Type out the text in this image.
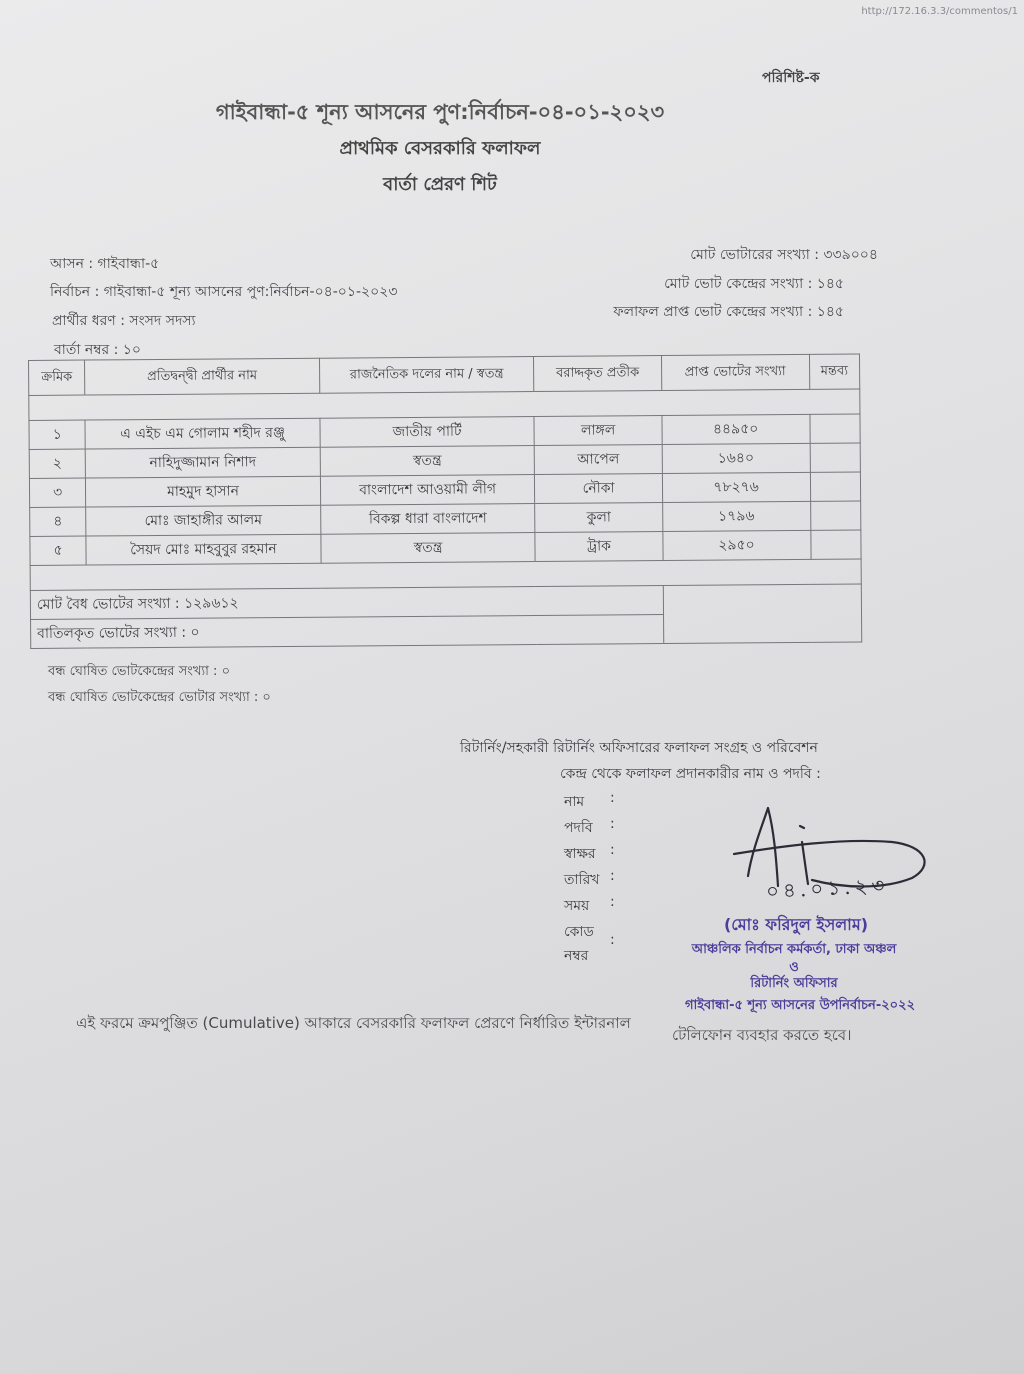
http://172.16.3.3/commentos/1
পরিশিষ্ট-ক
গাইবান্ধা-৫ শূন্য আসনের পুণ:নির্বাচন-০৪-০১-২০২৩
প্রাথমিক বেসরকারি ফলাফল
বার্তা প্রেরণ শিট
আসন : গাইবান্ধা-৫
নির্বাচন : গাইবান্ধা-৫ শূন্য আসনের পুণ:নির্বাচন-০৪-০১-২০২৩
প্রার্থীর ধরণ : সংসদ সদস্য
বার্তা নম্বর : ১০
মোট ভোটারের সংখ্যা : ৩৩৯০০৪
মোট ভোট কেন্দ্রের সংখ্যা : ১৪৫
ফলাফল প্রাপ্ত ভোট কেন্দ্রের সংখ্যা : ১৪৫
ক্রমিক	প্রতিদ্বন্দ্বী প্রার্থীর নাম	রাজনৈতিক দলের নাম / স্বতন্ত্র	বরাদ্দকৃত প্রতীক	প্রাপ্ত ভোটের সংখ্যা	মন্তব্য

১	এ এইচ এম গোলাম শহীদ রঞ্জু	জাতীয় পার্টি	লাঙ্গল	৪৪৯৫০	
২	নাহিদুজ্জামান নিশাদ	স্বতন্ত্র	আপেল	১৬৪০	
৩	মাহমুদ হাসান	বাংলাদেশ আওয়ামী লীগ	নৌকা	৭৮২৭৬	
৪	মোঃ জাহাঙ্গীর আলম	বিকল্প ধারা বাংলাদেশ	কুলা	১৭৯৬	
৫	সৈয়দ মোঃ মাহবুবুর রহমান	স্বতন্ত্র	ট্রাক	২৯৫০	

মোট বৈধ ভোটের সংখ্যা : ১২৯৬১২					
বাতিলকৃত ভোটের সংখ্যা : ০					
বন্ধ ঘোষিত ভোটকেন্দ্রের সংখ্যা : ০
বন্ধ ঘোষিত ভোটকেন্দ্রের ভোটার সংখ্যা : ০
রিটার্নিং/সহকারী রিটার্নিং অফিসারের ফলাফল সংগ্রহ ও পরিবেশন
কেন্দ্র থেকে ফলাফল প্রদানকারীর নাম ও পদবি :
নাম :
পদবি :
স্বাক্ষর :
তারিখ :
সময় :
কোড :
নম্বর
০৪.০১.২৩
(মোঃ ফরিদুল ইসলাম)
আঞ্চলিক নির্বাচন কর্মকর্তা, ঢাকা অঞ্চল
ও
রিটার্নিং অফিসার
গাইবান্ধা-৫ শূন্য আসনের উপনির্বাচন-২০২২
এই ফরমে ক্রমপুঞ্জিত (Cumulative) আকারে বেসরকারি ফলাফল প্রেরণে নির্ধারিত ইন্টারনাল
টেলিফোন ব্যবহার করতে হবে।
